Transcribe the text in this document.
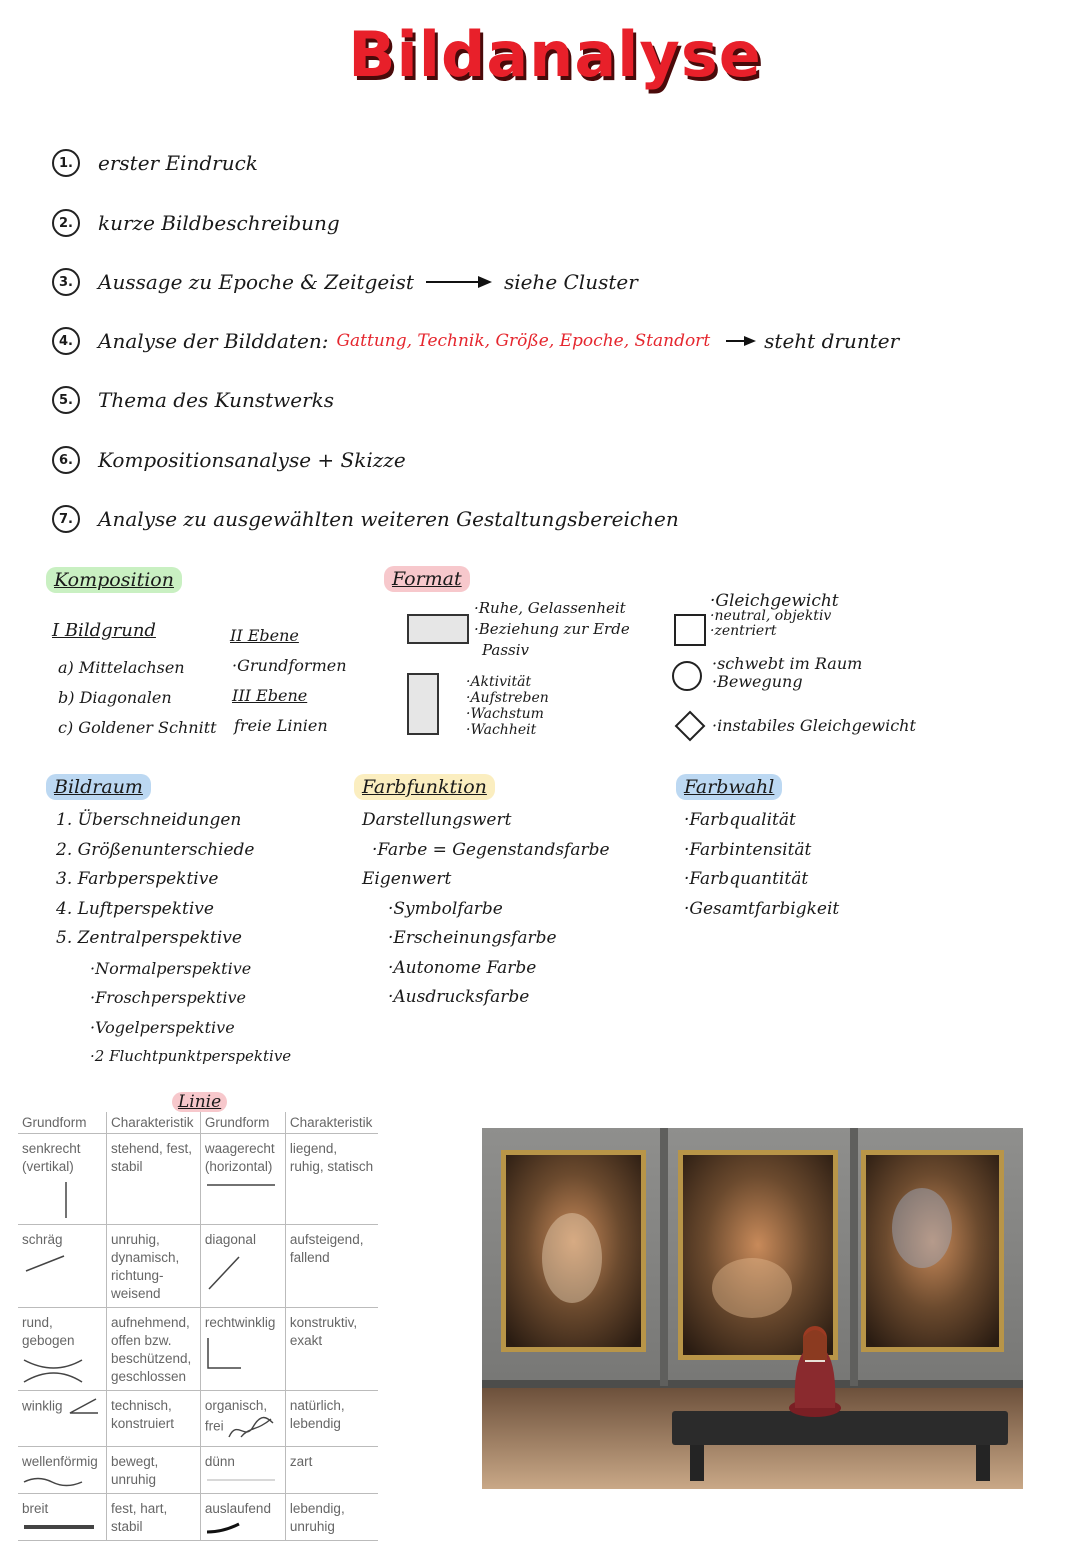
Bildanalyse
1.	erster Eindruck
2.	kurze Bildbeschreibung
3.	Aussage zu Epoche & Zeitgeist	siehe Cluster
4.	Analyse der Bilddaten: Gattung, Technik, Größe, Epoche, Standort	steht drunter
5.	Thema des Kunstwerks
6.	Kompositionsanalyse + Skizze
7.	Analyse zu ausgewählten weiteren Gestaltungsbereichen
Komposition
I Bildgrund
a) Mittelachsen
b) Diagonalen
c) Goldener Schnitt
II Ebene
·Grundformen
III Ebene
freie Linien
Format
·Ruhe, Gelassenheit
·Beziehung zur Erde
Passiv
·Aktivität
·Aufstreben
·Wachstum
·Wachheit
·Gleichgewicht
·neutral, objektiv
·zentriert
·schwebt im Raum
·Bewegung
·instabiles Gleichgewicht
Bildraum
1. Überschneidungen
2. Größenunterschiede
3. Farbperspektive
4. Luftperspektive
5. Zentralperspektive
·Normalperspektive
·Froschperspektive
·Vogelperspektive
·2 Fluchtpunktperspektive
Farbfunktion
Darstellungswert
·Farbe = Gegenstandsfarbe
Eigenwert
·Symbolfarbe
·Erscheinungsfarbe
·Autonome Farbe
·Ausdrucksfarbe
Farbwahl
·Farbqualität
·Farbintensität
·Farbquantität
·Gesamtfarbigkeit
Linie
Grundform	Charakteristik	Grundform	Charakteristik
senkrecht (vertikal)	stehend, fest, stabil	waagerecht (horizontal)	liegend, ruhig, statisch
schräg	unruhig, dynamisch, richtung-weisend	diagonal	aufsteigend, fallend
rund, gebogen	aufnehmend, offen bzw. beschützend, geschlossen	rechtwinklig	konstruktiv, exakt
winklig	technisch, konstruiert	organisch, frei	natürlich, lebendig
wellenförmig	bewegt, unruhig	dünn	zart
breit	fest, hart, stabil	auslaufend	lebendig, unruhig
